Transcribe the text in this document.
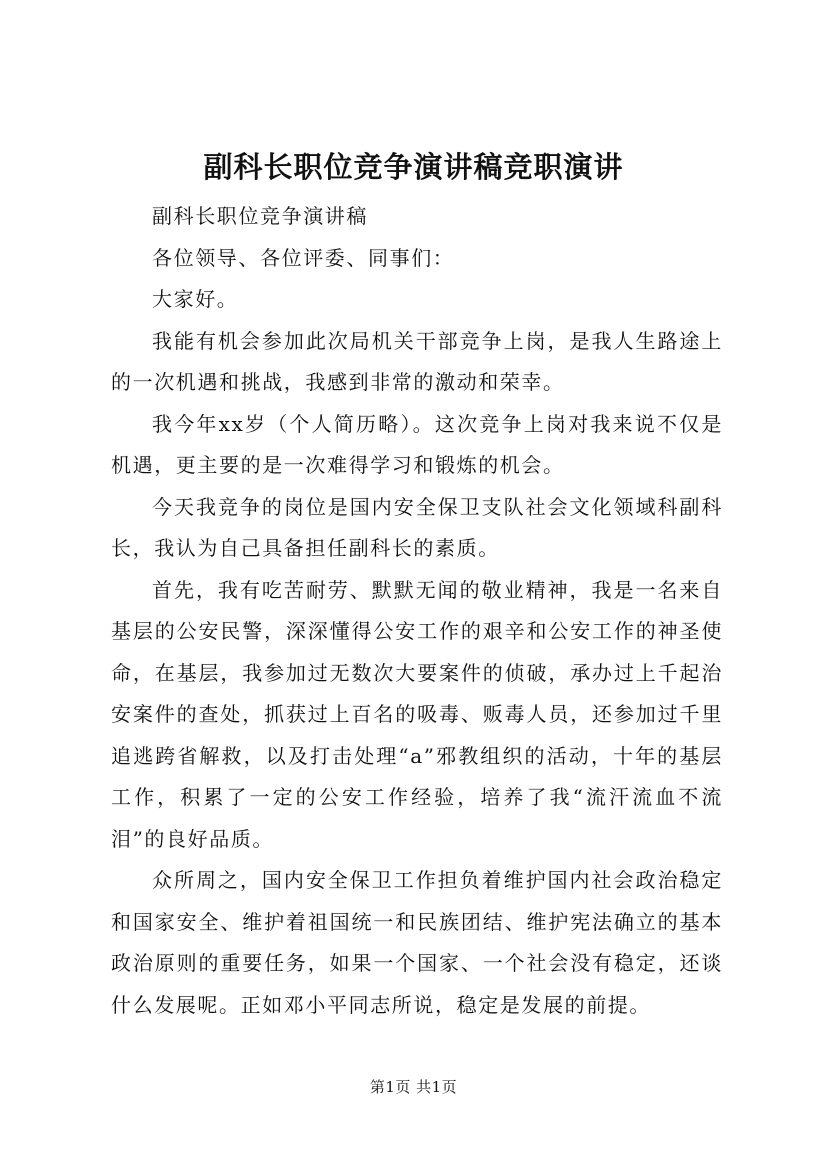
副科长职位竞争演讲稿竞职演讲

副科长职位竞争演讲稿

各位领导、各位评委、同事们：

大家好。

我能有机会参加此次局机关干部竞争上岗，是我人生路途上的一次机遇和挑战，我感到非常的激动和荣幸。

我今年xx岁（个人简历略）。这次竞争上岗对我来说不仅是机遇，更主要的是一次难得学习和锻炼的机会。

今天我竞争的岗位是国内安全保卫支队社会文化领域科副科长，我认为自己具备担任副科长的素质。

首先，我有吃苦耐劳、默默无闻的敬业精神，我是一名来自基层的公安民警，深深懂得公安工作的艰辛和公安工作的神圣使命，在基层，我参加过无数次大要案件的侦破，承办过上千起治安案件的查处，抓获过上百名的吸毒、贩毒人员，还参加过千里追逃跨省解救，以及打击处理“a”邪教组织的活动，十年的基层工作，积累了一定的公安工作经验，培养了我“流汗流血不流泪”的良好品质。

众所周之，国内安全保卫工作担负着维护国内社会政治稳定和国家安全、维护着祖国统一和民族团结、维护宪法确立的基本政治原则的重要任务，如果一个国家、一个社会没有稳定，还谈什么发展呢。正如邓小平同志所说，稳定是发展的前提。

第1页 共1页
